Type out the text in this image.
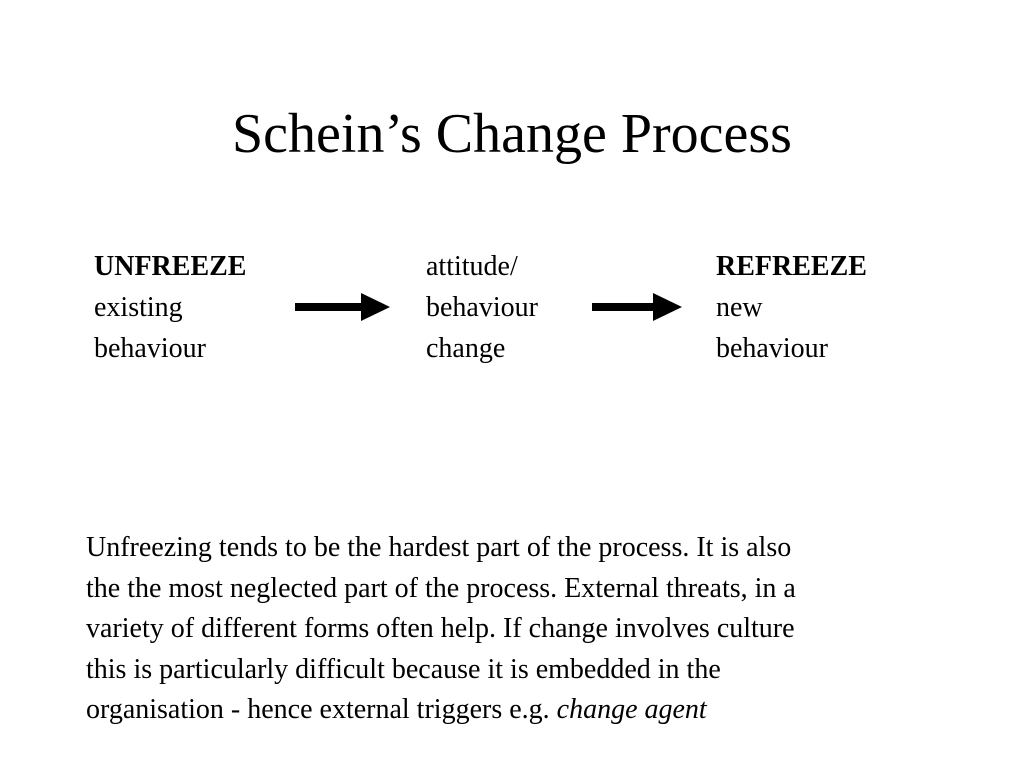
Schein’s Change Process
UNFREEZE
existing
behaviour
attitude/
behaviour
change
REFREEZE
new
behaviour
Unfreezing tends to be the hardest part of the process. It is also
the the most neglected part of the process. External threats, in a
variety of different forms often help. If change involves culture
this is particularly difficult because it is embedded in the
organisation - hence external triggers e.g. change agent
